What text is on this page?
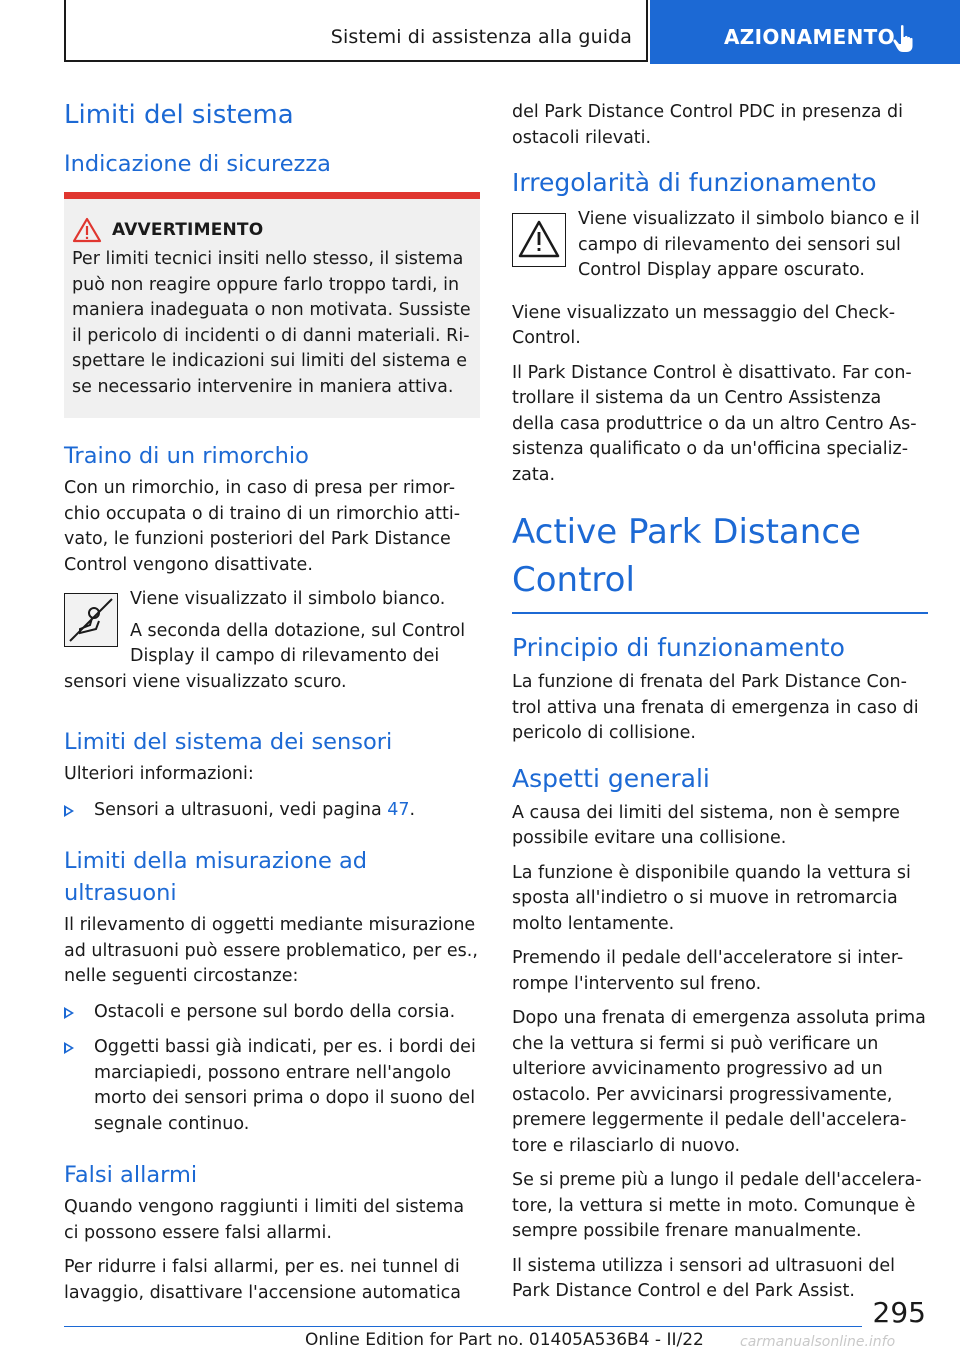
Sistemi di assistenza alla guida	AZIONAMENTO
Limiti del sistema
Indicazione di sicurezza
AVVERTIMENTO

Per limiti tecnici insiti nello stesso, il sistema può non reagire oppure farlo troppo tardi, in maniera inadeguata o non motivata. Sussiste il pericolo di incidenti o di danni materiali. Ri-spettare le indicazioni sui limiti del sistema e se necessario intervenire in maniera attiva.

Traino di un rimorchio

Con un rimorchio, in caso di presa per rimor-chio occupata o di traino di un rimorchio atti-vato, le funzioni posteriori del Park Distance Control vengono disattivate.

Viene visualizzato il simbolo bianco.

A seconda della dotazione, sul Control Display il campo di rilevamento dei sensori viene visualizzato scuro.

Limiti del sistema dei sensori

Ulteriori informazioni:

Sensori a ultrasuoni, vedi pagina 47.
Limiti della misurazione ad ultrasuoni

Il rilevamento di oggetti mediante misurazione ad ultrasuoni può essere problematico, per es., nelle seguenti circostanze:

Ostacoli e persone sul bordo della corsia.
Oggetti bassi già indicati, per es. i bordi dei marciapiedi, possono entrare nell'angolo morto dei sensori prima o dopo il suono del segnale continuo.
Falsi allarmi

Quando vengono raggiunti i limiti del sistema ci possono essere falsi allarmi.

Per ridurre i falsi allarmi, per es. nei tunnel di lavaggio, disattivare l'accensione automatica

del Park Distance Control PDC in presenza di ostacoli rilevati.

Irregolarità di funzionamento

Viene visualizzato il simbolo bianco e il campo di rilevamento dei sensori sul Control Display appare oscurato.

Viene visualizzato un messaggio del Check-Control.

Il Park Distance Control è disattivato. Far con-trollare il sistema da un Centro Assistenza della casa produttrice o da un altro Centro As-sistenza qualificato o da un'officina specializ-zata.

Active Park Distance Control
Principio di funzionamento

La funzione di frenata del Park Distance Con-trol attiva una frenata di emergenza in caso di pericolo di collisione.

Aspetti generali

A causa dei limiti del sistema, non è sempre possibile evitare una collisione.

La funzione è disponibile quando la vettura si sposta all'indietro o si muove in retromarcia molto lentamente.

Premendo il pedale dell'acceleratore si inter-rompe l'intervento sul freno.

Dopo una frenata di emergenza assoluta prima che la vettura si fermi si può verificare un ulteriore avvicinamento progressivo ad un ostacolo. Per avvicinarsi progressivamente, premere leggermente il pedale dell'accelera-tore e rilasciarlo di nuovo.

Se si preme più a lungo il pedale dell'accelera-tore, la vettura si mette in moto. Comunque è sempre possibile frenare manualmente.

Il sistema utilizza i sensori ad ultrasuoni del Park Distance Control e del Park Assist.

295
Online Edition for Part no. 01405A536B4 - II/22	carmanualsonline.info
